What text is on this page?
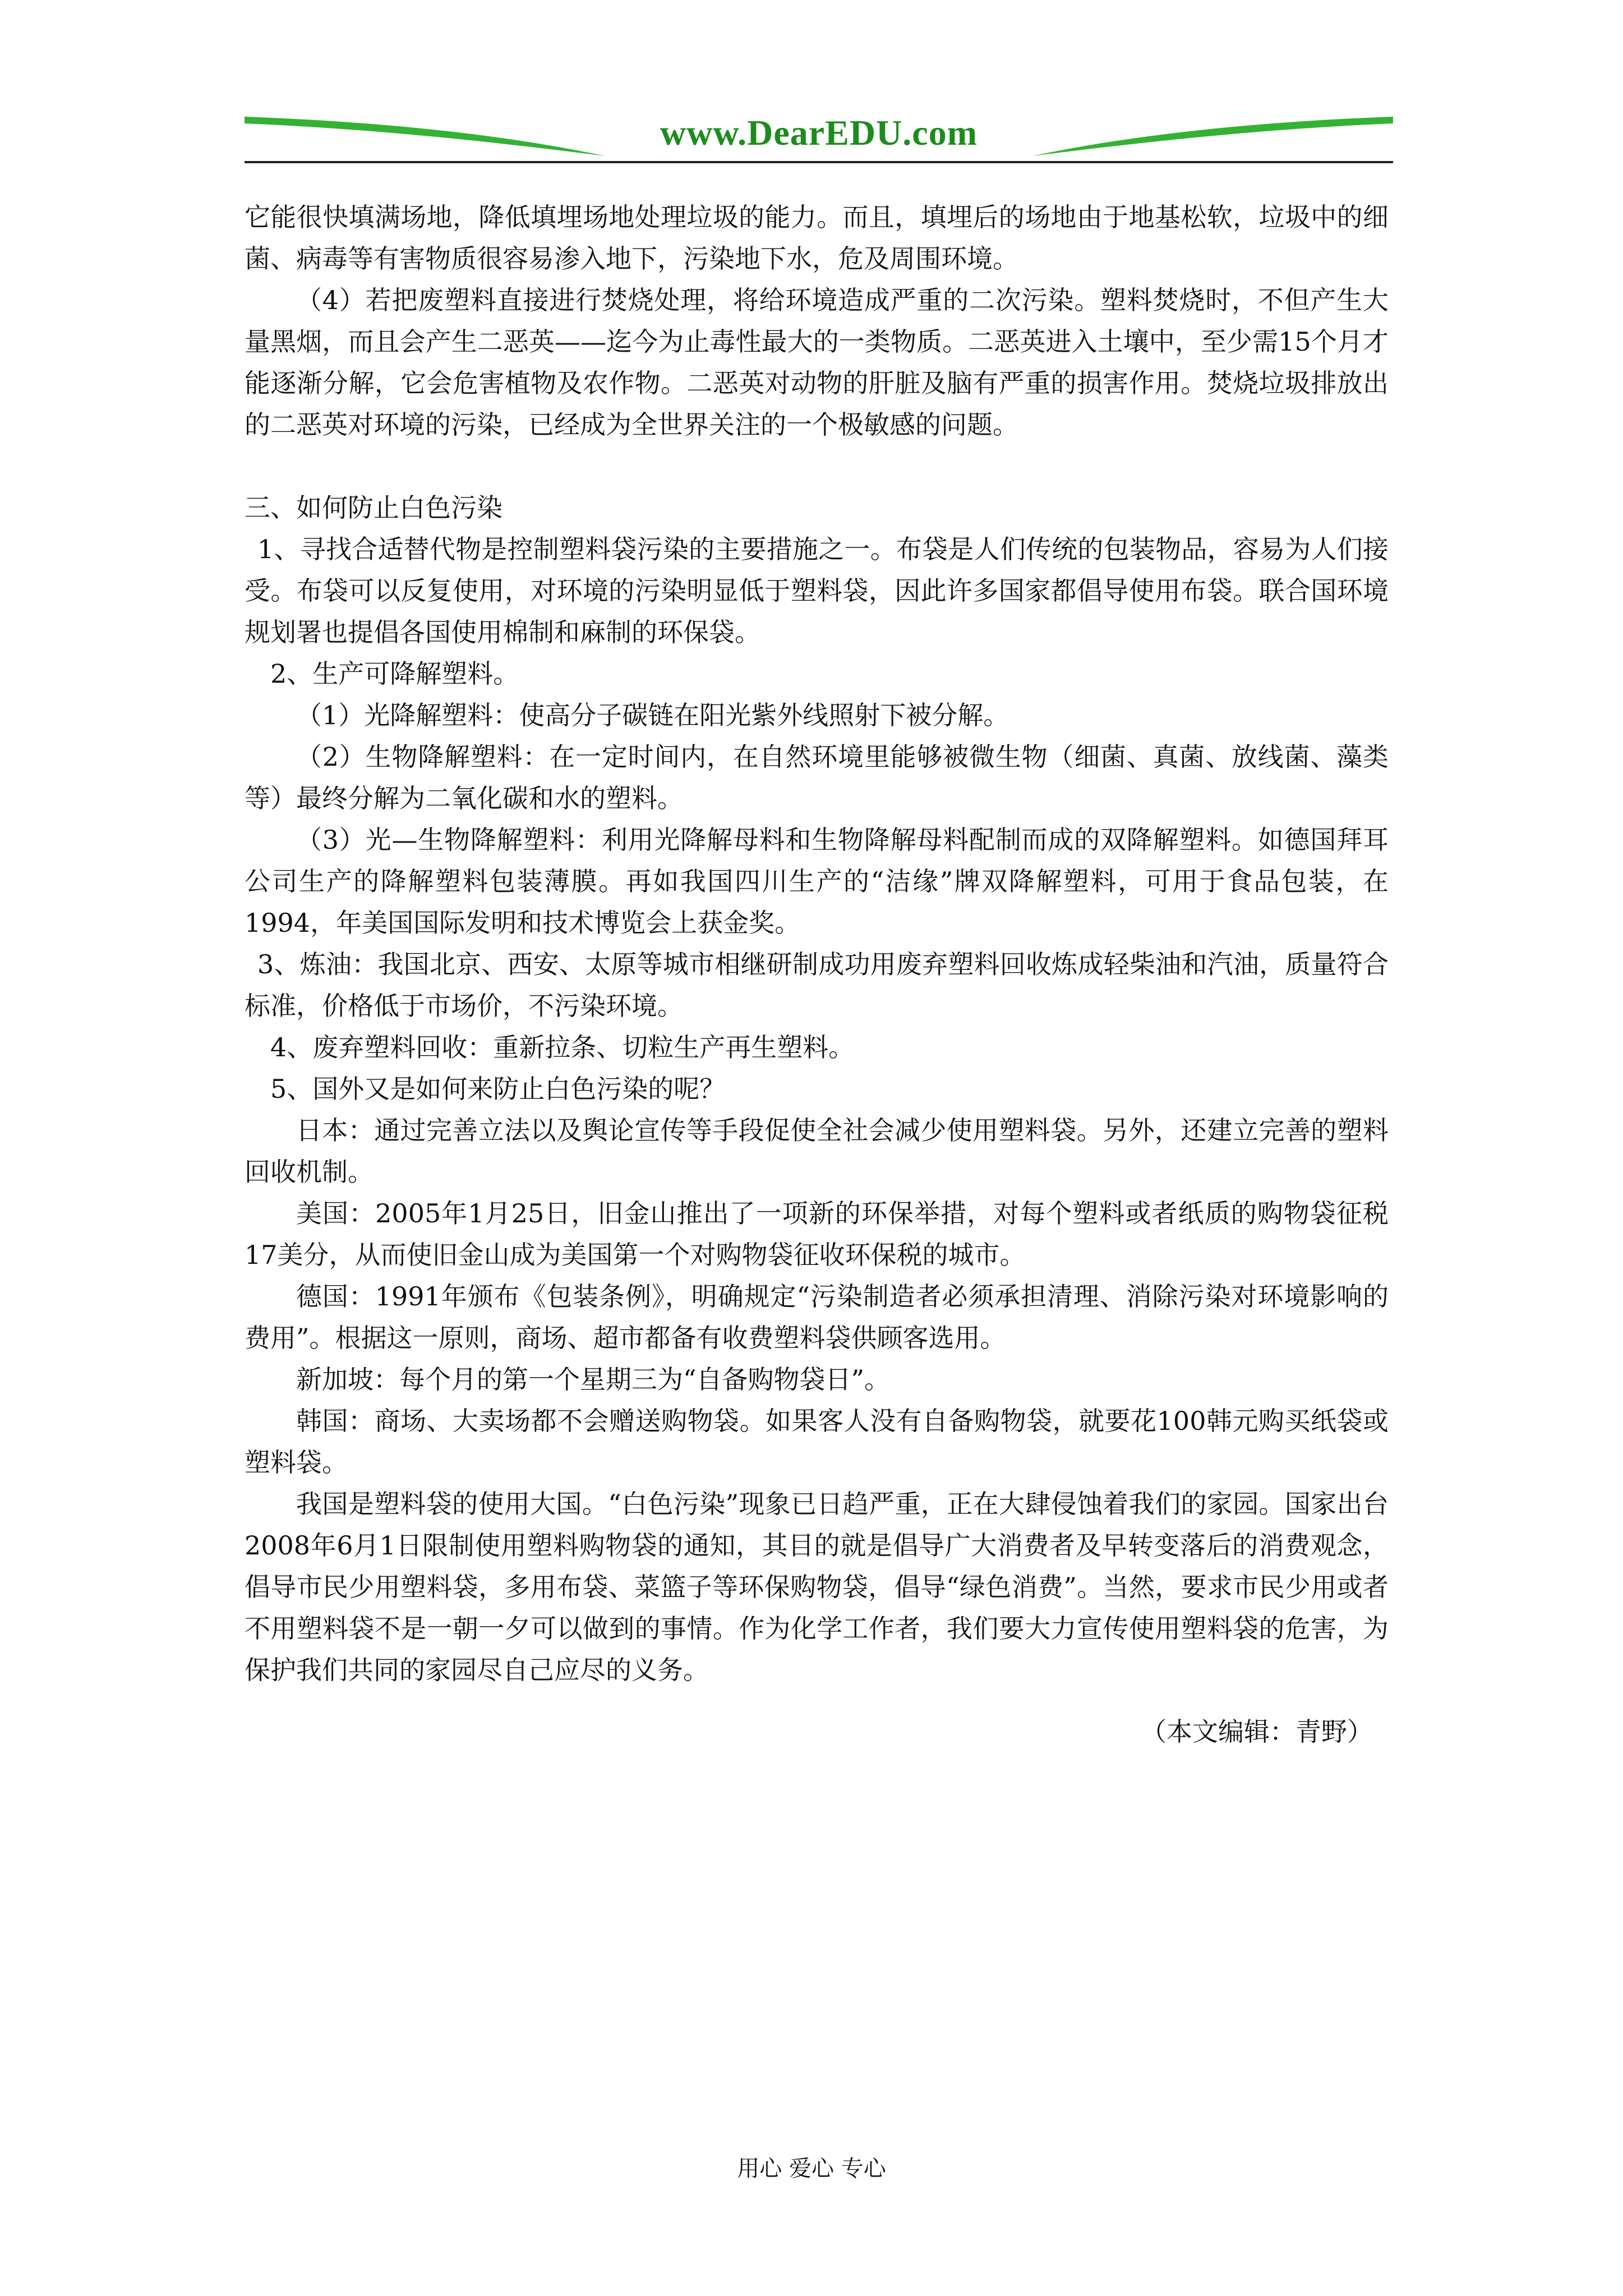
www.DearEDU.com

它能很快填满场地，降低填埋场地处理垃圾的能力。而且，填埋后的场地由于地基松软，垃圾中的细菌、病毒等有害物质很容易渗入地下，污染地下水，危及周围环境。

（4）若把废塑料直接进行焚烧处理，将给环境造成严重的二次污染。塑料焚烧时，不但产生大量黑烟，而且会产生二恶英——迄今为止毒性最大的一类物质。二恶英进入土壤中，至少需15个月才能逐渐分解，它会危害植物及农作物。二恶英对动物的肝脏及脑有严重的损害作用。焚烧垃圾排放出的二恶英对环境的污染，已经成为全世界关注的一个极敏感的问题。

三、如何防止白色污染

1、寻找合适替代物是控制塑料袋污染的主要措施之一。布袋是人们传统的包装物品，容易为人们接受。布袋可以反复使用，对环境的污染明显低于塑料袋，因此许多国家都倡导使用布袋。联合国环境规划署也提倡各国使用棉制和麻制的环保袋。

2、生产可降解塑料。

（1）光降解塑料：使高分子碳链在阳光紫外线照射下被分解。

（2）生物降解塑料：在一定时间内，在自然环境里能够被微生物（细菌、真菌、放线菌、藻类等）最终分解为二氧化碳和水的塑料。

（3）光—生物降解塑料：利用光降解母料和生物降解母料配制而成的双降解塑料。如德国拜耳公司生产的降解塑料包装薄膜。再如我国四川生产的“洁缘”牌双降解塑料，可用于食品包装，在1994，年美国国际发明和技术博览会上获金奖。

3、炼油：我国北京、西安、太原等城市相继研制成功用废弃塑料回收炼成轻柴油和汽油，质量符合标准，价格低于市场价，不污染环境。

4、废弃塑料回收：重新拉条、切粒生产再生塑料。

5、国外又是如何来防止白色污染的呢？

日本：通过完善立法以及舆论宣传等手段促使全社会减少使用塑料袋。另外，还建立完善的塑料回收机制。

美国：2005年1月25日，旧金山推出了一项新的环保举措，对每个塑料或者纸质的购物袋征税17美分，从而使旧金山成为美国第一个对购物袋征收环保税的城市。

德国：1991年颁布《包装条例》，明确规定“污染制造者必须承担清理、消除污染对环境影响的费用”。根据这一原则，商场、超市都备有收费塑料袋供顾客选用。

新加坡：每个月的第一个星期三为“自备购物袋日”。

韩国：商场、大卖场都不会赠送购物袋。如果客人没有自备购物袋，就要花100韩元购买纸袋或塑料袋。

我国是塑料袋的使用大国。“白色污染”现象已日趋严重，正在大肆侵蚀着我们的家园。国家出台2008年6月1日限制使用塑料购物袋的通知，其目的就是倡导广大消费者及早转变落后的消费观念，倡导市民少用塑料袋，多用布袋、菜篮子等环保购物袋，倡导“绿色消费”。当然，要求市民少用或者不用塑料袋不是一朝一夕可以做到的事情。作为化学工作者，我们要大力宣传使用塑料袋的危害，为保护我们共同的家园尽自己应尽的义务。

（本文编辑：青野）
用心 爱心 专心
